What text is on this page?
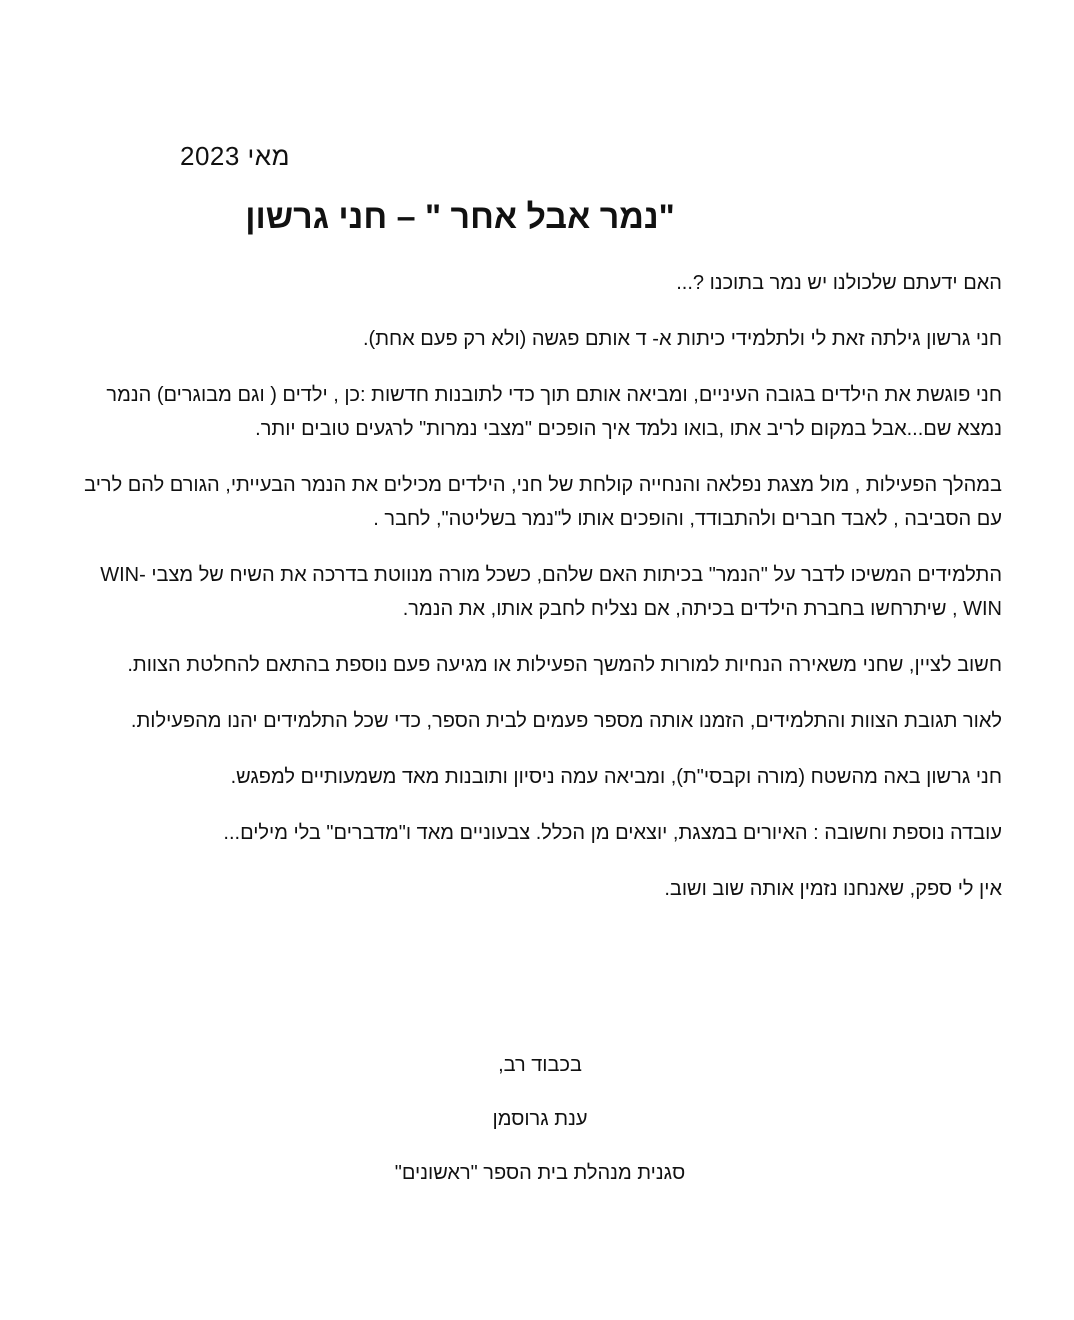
מאי 2023
"נמר אבל אחר " – חני גרשון

האם ידעתם שלכולנו יש נמר בתוכנו ?...

חני גרשון גילתה זאת לי ולתלמידי כיתות א- ד אותם פגשה (ולא רק פעם אחת).

חני פוגשת את הילדים בגובה העיניים, ומביאה אותם תוך כדי לתובנות חדשות :כן , ילדים ( וגם מבוגרים) הנמר נמצא שם...אבל במקום לריב אתו ,בואו נלמד איך הופכים "מצבי נמרות" לרגעים טובים יותר.

במהלך הפעילות , מול מצגת נפלאה והנחייה קולחת של חני, הילדים מכילים את הנמר הבעייתי, הגורם להם לריב עם הסביבה , לאבד חברים ולהתבודד, והופכים אותו ל"נמר בשליטה", לחבר .

התלמידים המשיכו לדבר על "הנמר" בכיתות האם שלהם, כשכל מורה מנווטת בדרכה את השיח של מצבי WIN-WIN , שיתרחשו בחברת הילדים בכיתה, אם נצליח לחבק אותו, את הנמר.

חשוב לציין, שחני משאירה הנחיות למורות להמשך הפעילות או מגיעה פעם נוספת בהתאם להחלטת הצוות.

לאור תגובת הצוות והתלמידים, הזמנו אותה מספר פעמים לבית הספר, כדי שכל התלמידים יהנו מהפעילות.

חני גרשון באה מהשטח (מורה וקבסי"ת), ומביאה עמה ניסיון ותובנות מאד משמעותיים למפגש.

עובדה נוספת וחשובה : האיורים במצגת, יוצאים מן הכלל. צבעוניים מאד ו"מדברים" בלי מילים...

אין לי ספק, שאנחנו נזמין אותה שוב ושוב.

בכבוד רב,

ענת גרוסמן

סגנית מנהלת בית הספר "ראשונים"
